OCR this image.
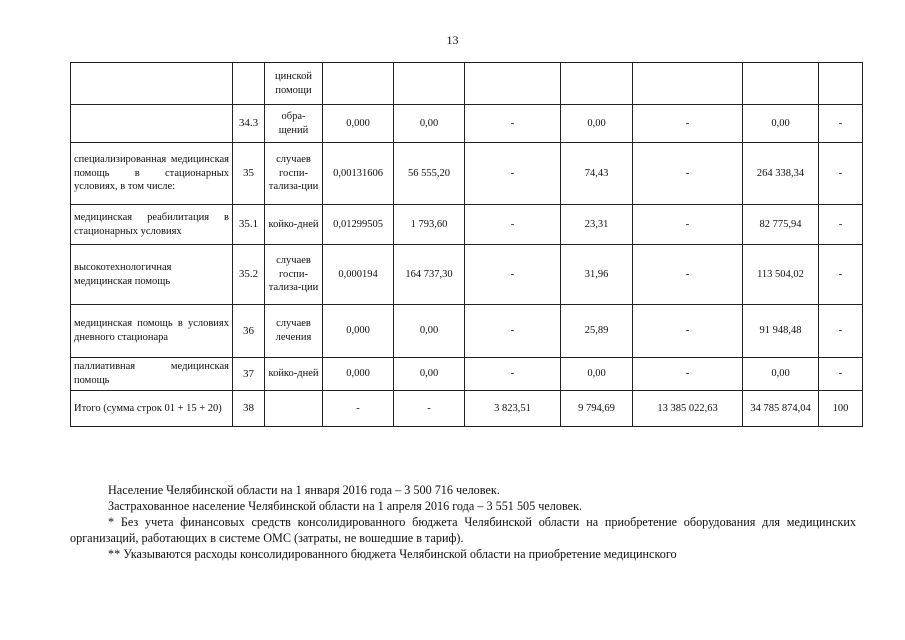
13
		цинской помощи							
	34.3	обра-щений	0,000	0,00	-	0,00	-	0,00	-
специализированная медицинская помощь в стационарных условиях, в том числе:	35	случаев госпи-тализа-ции	0,00131606	56 555,20	-	74,43	-	264 338,34	-
медицинская реабилитация в стационарных условиях	35.1	койко-дней	0,01299505	1 793,60	-	23,31	-	82 775,94	-
высокотехнологичная медицинская помощь	35.2	случаев госпи-тализа-ции	0,000194	164 737,30	-	31,96	-	113 504,02	-
медицинская помощь в условиях дневного стационара	36	случаев лечения	0,000	0,00	-	25,89	-	91 948,48	-
паллиативная медицинская помощь	37	койко-дней	0,000	0,00	-	0,00	-	0,00	-
Итого (сумма строк 01 + 15 + 20)	38		-	-	3 823,51	9 794,69	13 385 022,63	34 785 874,04	100

Население Челябинской области на 1 января 2016 года – 3 500 716 человек.

Застрахованное население Челябинской области на 1 апреля 2016 года – 3 551 505 человек.

* Без учета финансовых средств консолидированного бюджета Челябинской области на приобретение оборудования для медицинских организаций, работающих в системе ОМС (затраты, не вошедшие в тариф).

** Указываются расходы консолидированного бюджета Челябинской области на приобретение медицинского
